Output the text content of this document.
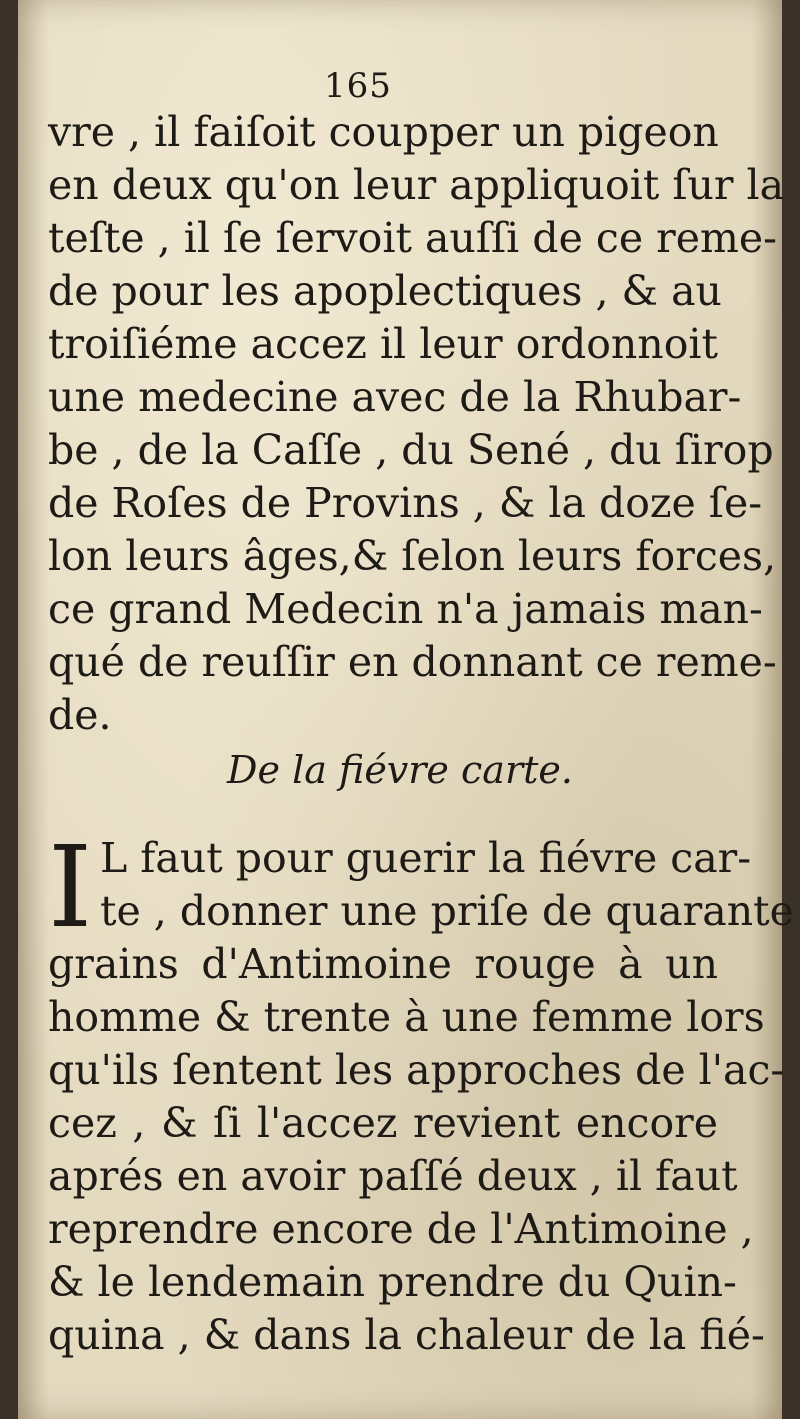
165
vre , il faiſoit coupper un pigeon
en deux qu'on leur appliquoit ſur la
teſte , il ſe ſervoit auſſi de ce reme-
de pour les apoplectiques , & au
troiſiéme accez il leur ordonnoit
une medecine avec de la Rhubar-
be , de la Caſſe , du Sené , du ſirop
de Roſes de Provins , & la doze ſe-
lon leurs âges,& ſelon leurs forces,
ce grand Medecin n'a jamais man-
qué de reuſſir en donnant ce reme-
de.
De la fiévre carte.
I L faut pour guerir la fiévre car-
te , donner une priſe de quarante
grains d'Antimoine rouge à un
homme & trente à une femme lors
qu'ils ſentent les approches de l'ac-
cez , & ſi l'accez revient encore
aprés en avoir paſſé deux , il faut
reprendre encore de l'Antimoine ,
& le lendemain prendre du Quin-
quina , & dans la chaleur de la fié-
